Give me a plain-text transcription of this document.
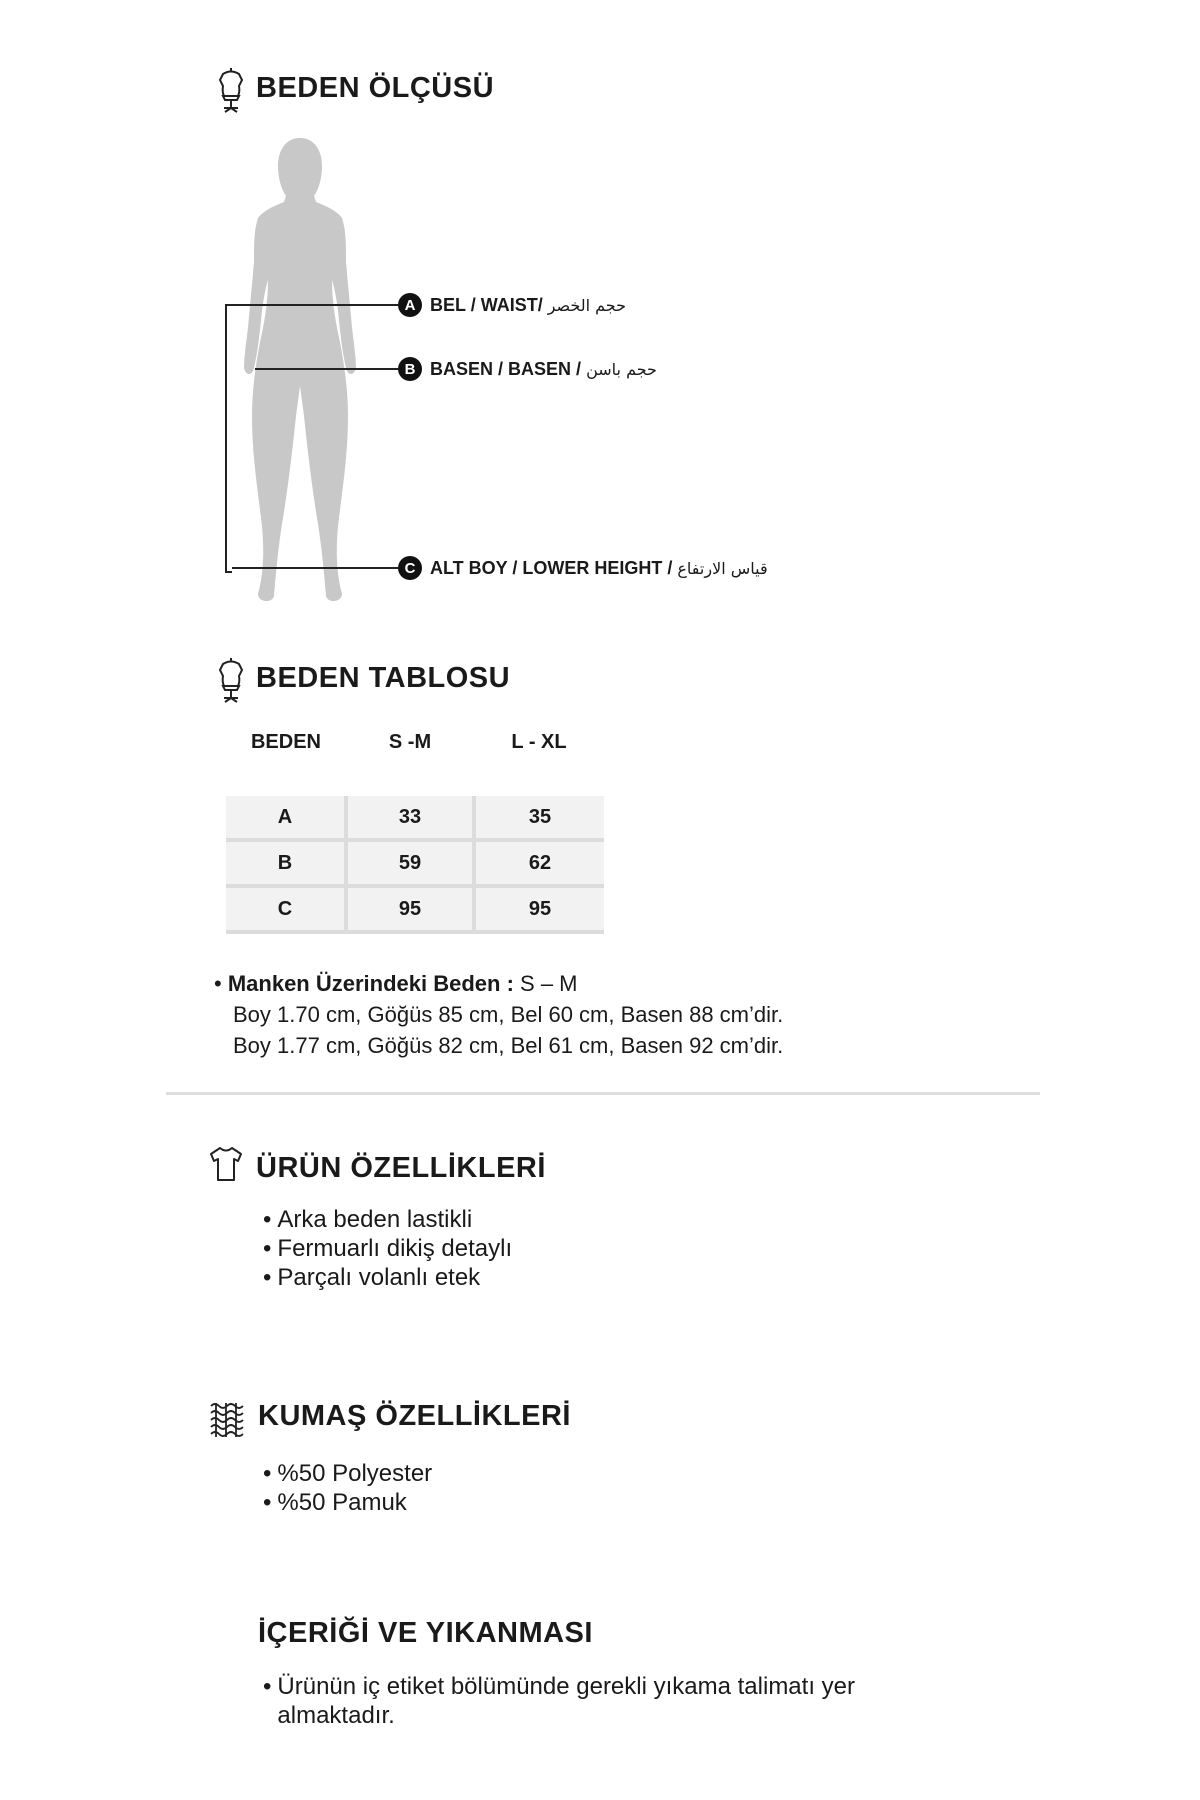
BEDEN ÖLÇÜSÜ
A BEL / WAIST/ حجم الخصر
B BASEN / BASEN / حجم باسن
C ALT BOY / LOWER HEIGHT / قياس الارتفاع
BEDEN TABLOSU
BEDEN	S -M	L - XL

A	33	35
B	59	62
C	95	95
• Manken Üzerindeki Beden : S – M
Boy 1.70 cm, Göğüs 85 cm, Bel 60 cm, Basen 88 cm’dir.
Boy 1.77 cm, Göğüs 82 cm, Bel 61 cm, Basen 92 cm’dir.
ÜRÜN ÖZELLİKLERİ
• Arka beden lastikli
• Fermuarlı dikiş detaylı
• Parçalı volanlı etek
KUMAŞ ÖZELLİKLERİ
• %50 Polyester
• %50 Pamuk
İÇERİĞİ VE YIKANMASI
• Ürünün iç etiket bölümünde gerekli yıkama talimatı yer almaktadır.
